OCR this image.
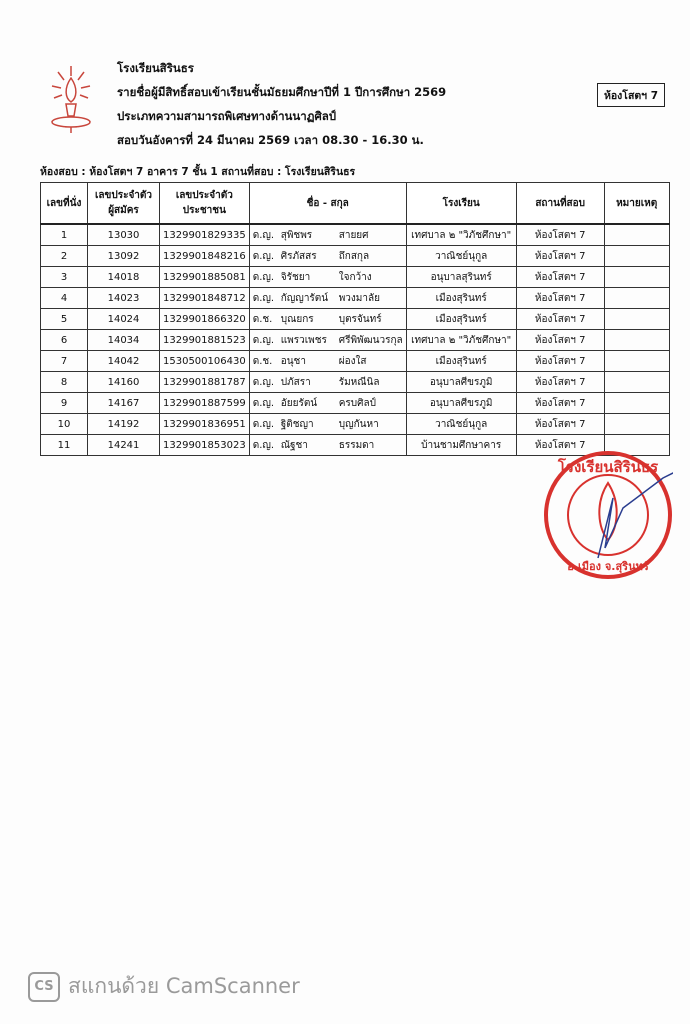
โรงเรียนสิรินธร
รายชื่อผู้มีสิทธิ์สอบเข้าเรียนชั้นมัธยมศึกษาปีที่ 1 ปีการศึกษา 2569
ประเภทความสามารถพิเศษทางด้านนาฏศิลป์
สอบวันอังคารที่ 24 มีนาคม 2569 เวลา 08.30 - 16.30 น.
ห้องโสตฯ 7
ห้องสอบ : ห้องโสตฯ 7 อาคาร 7 ชั้น 1 สถานที่สอบ : โรงเรียนสิรินธร
เลขที่นั่ง	เลขประจำตัว ผู้สมัคร	เลขประจำตัว ประชาชน	ชื่อ - สกุล	โรงเรียน	สถานที่สอบ	หมายเหตุ
1	13030	1329901829335	ด.ญ. สุพิชพร สายยศ	เทศบาล ๒ "วิภัชศึกษา"	ห้องโสตฯ 7	
2	13092	1329901848216	ด.ญ. ศิรภัสสร ถึกสกุล	วาณิชย์นุกูล	ห้องโสตฯ 7	
3	14018	1329901885081	ด.ญ. จิรัชยา ใจกว้าง	อนุบาลสุรินทร์	ห้องโสตฯ 7	
4	14023	1329901848712	ด.ญ. กัญญารัตน์ พวงมาลัย	เมืองสุรินทร์	ห้องโสตฯ 7	
5	14024	1329901866320	ด.ช. บุณยกร บุตรจันทร์	เมืองสุรินทร์	ห้องโสตฯ 7	
6	14034	1329901881523	ด.ญ. แพรวเพชร ศรีพิพัฒนวรกุล	เทศบาล ๒ "วิภัชศึกษา"	ห้องโสตฯ 7	
7	14042	1530500106430	ด.ช. อนุชา ผ่องใส	เมืองสุรินทร์	ห้องโสตฯ 7	
8	14160	1329901881787	ด.ญ. ปภัสรา รัมหณีนิล	อนุบาลศีขรภูมิ	ห้องโสตฯ 7	
9	14167	1329901887599	ด.ญ. อัยยรัตน์ ครบศิลป์	อนุบาลศีขรภูมิ	ห้องโสตฯ 7	
10	14192	1329901836951	ด.ญ. ฐิติชญา บุญกันหา	วาณิชย์นุกูล	ห้องโสตฯ 7	
11	14241	1329901853023	ด.ญ. ณัฐชา ธรรมดา	บ้านชามศึกษาคาร	ห้องโสตฯ 7	
โรงเรียนสิรินธร
อ.เมือง จ.สุรินทร์
CS สแกนด้วย CamScanner
